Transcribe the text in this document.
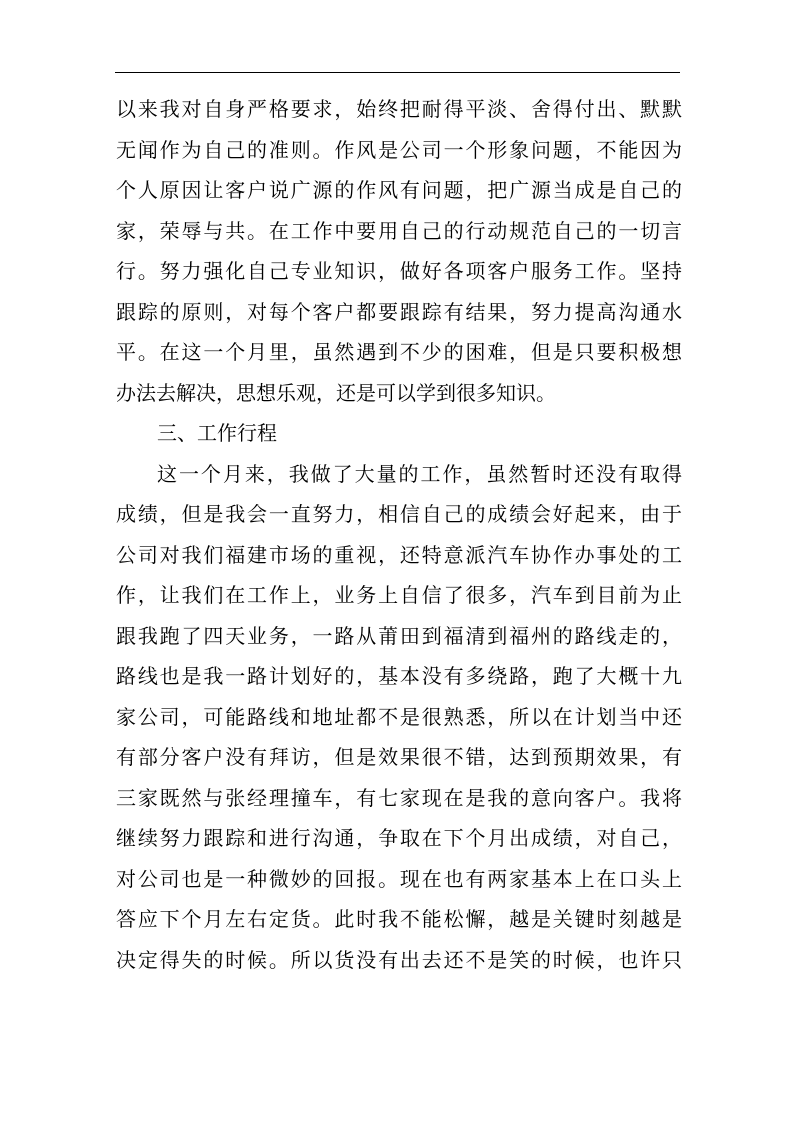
以来我对自身严格要求，始终把耐得平淡、舍得付出、默默
无闻作为自己的准则。作风是公司一个形象问题，不能因为
个人原因让客户说广源的作风有问题，把广源当成是自己的
家，荣辱与共。在工作中要用自己的行动规范自己的一切言
行。努力强化自己专业知识，做好各项客户服务工作。坚持
跟踪的原则，对每个客户都要跟踪有结果，努力提高沟通水
平。在这一个月里，虽然遇到不少的困难，但是只要积极想
办法去解决，思想乐观，还是可以学到很多知识。
三、工作行程
这一个月来，我做了大量的工作，虽然暂时还没有取得
成绩，但是我会一直努力，相信自己的成绩会好起来，由于
公司对我们福建市场的重视，还特意派汽车协作办事处的工
作，让我们在工作上，业务上自信了很多，汽车到目前为止
跟我跑了四天业务，一路从莆田到福清到福州的路线走的，
路线也是我一路计划好的，基本没有多绕路，跑了大概十九
家公司，可能路线和地址都不是很熟悉，所以在计划当中还
有部分客户没有拜访，但是效果很不错，达到预期效果，有
三家既然与张经理撞车，有七家现在是我的意向客户。我将
继续努力跟踪和进行沟通，争取在下个月出成绩，对自己，
对公司也是一种微妙的回报。现在也有两家基本上在口头上
答应下个月左右定货。此时我不能松懈，越是关键时刻越是
决定得失的时候。所以货没有出去还不是笑的时候，也许只
